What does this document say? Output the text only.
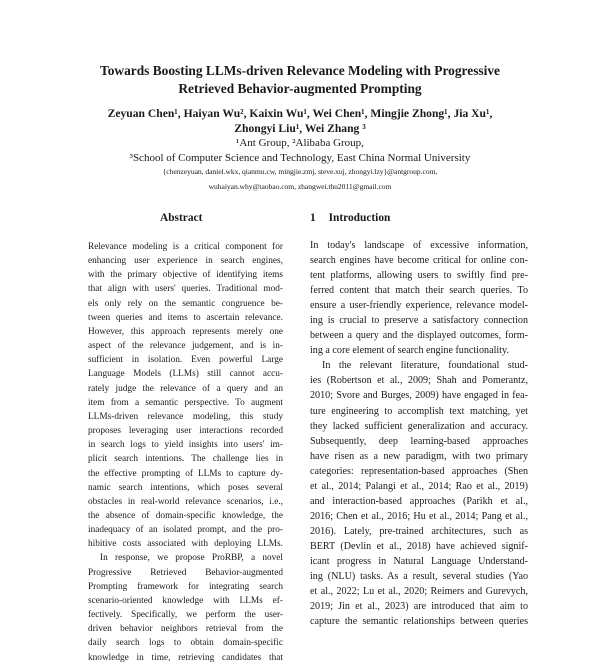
Towards Boosting LLMs-driven Relevance Modeling with Progressive
Retrieved Behavior-augmented Prompting
Zeyuan Chen¹, Haiyan Wu², Kaixin Wu¹, Wei Chen¹, Mingjie Zhong¹, Jia Xu¹,
Zhongyi Liu¹, Wei Zhang ³
¹Ant Group, ²Alibaba Group,
³School of Computer Science and Technology, East China Normal University
{chenzeyuan, daniel.wkx, qianmu.cw, mingjie.zmj, steve.xuj, zhongyi.lzy}@antgroup.com,
wuhaiyan.why@taobao.com, zhangwei.thu2011@gmail.com
Abstract	1 Introduction
Relevance modeling is a critical component for
enhancing user experience in search engines,
with the primary objective of identifying items
that align with users' queries. Traditional mod-
els only rely on the semantic congruence be-
tween queries and items to ascertain relevance.
However, this approach represents merely one
aspect of the relevance judgement, and is in-
sufficient in isolation. Even powerful Large
Language Models (LLMs) still cannot accu-
rately judge the relevance of a query and an
item from a semantic perspective. To augment
LLMs-driven relevance modeling, this study
proposes leveraging user interactions recorded
in search logs to yield insights into users' im-
plicit search intentions. The challenge lies in
the effective prompting of LLMs to capture dy-
namic search intentions, which poses several
obstacles in real-world relevance scenarios, i.e.,
the absence of domain-specific knowledge, the
inadequacy of an isolated prompt, and the pro-
hibitive costs associated with deploying LLMs.
In response, we propose ProRBP, a novel
Progressive Retrieved Behavior-augmented
Prompting framework for integrating search
scenario-oriented knowledge with LLMs ef-
fectively. Specifically, we perform the user-
driven behavior neighbors retrieval from the
daily search logs to obtain domain-specific
knowledge in time, retrieving candidates that
In today's landscape of excessive information,
search engines have become critical for online con-
tent platforms, allowing users to swiftly find pre-
ferred content that match their search queries. To
ensure a user-friendly experience, relevance model-
ing is crucial to preserve a satisfactory connection
between a query and the displayed outcomes, form-
ing a core element of search engine functionality.
In the relevant literature, foundational stud-
ies (Robertson et al., 2009; Shah and Pomerantz,
2010; Svore and Burges, 2009) have engaged in fea-
ture engineering to accomplish text matching, yet
they lacked sufficient generalization and accuracy.
Subsequently, deep learning-based approaches
have risen as a new paradigm, with two primary
categories: representation-based approaches (Shen
et al., 2014; Palangi et al., 2014; Rao et al., 2019)
and interaction-based approaches (Parikh et al.,
2016; Chen et al., 2016; Hu et al., 2014; Pang et al.,
2016). Lately, pre-trained architectures, such as
BERT (Devlin et al., 2018) have achieved signif-
icant progress in Natural Language Understand-
ing (NLU) tasks. As a result, several studies (Yao
et al., 2022; Lu et al., 2020; Reimers and Gurevych,
2019; Jin et al., 2023) are introduced that aim to
capture the semantic relationships between queries
